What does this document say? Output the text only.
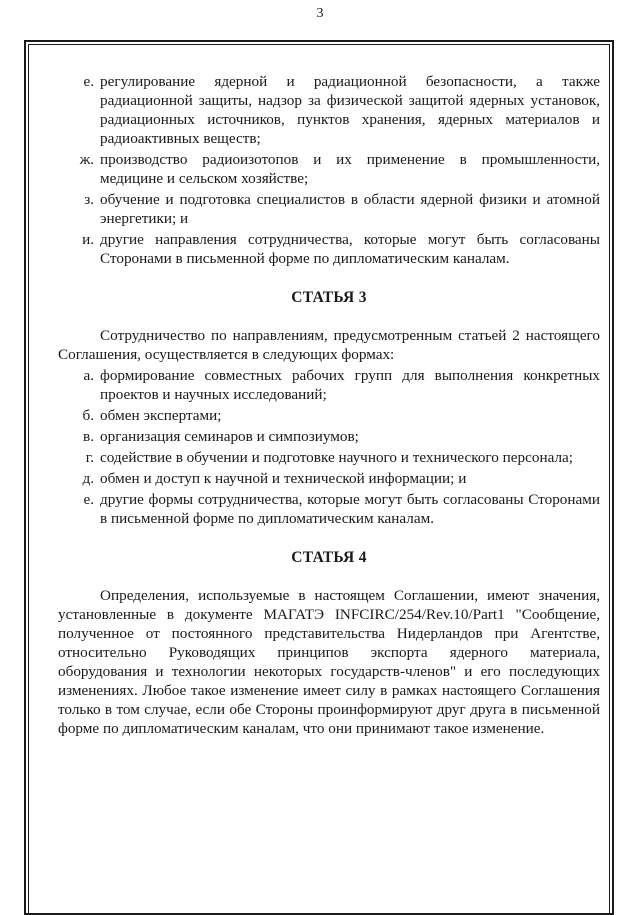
3
е. регулирование ядерной и радиационной безопасности, а также радиационной защиты, надзор за физической защитой ядерных установок, радиационных источников, пунктов хранения, ядерных материалов и радиоактивных веществ;
ж. производство радиоизотопов и их применение в промышленности, медицине и сельском хозяйстве;
з. обучение и подготовка специалистов в области ядерной физики и атомной энергетики; и
и. другие направления сотрудничества, которые могут быть согласованы Сторонами в письменной форме по дипломатическим каналам.
СТАТЬЯ 3

Сотрудничество по направлениям, предусмотренным статьей 2 настоящего Соглашения, осуществляется в следующих формах:

а. формирование совместных рабочих групп для выполнения конкретных проектов и научных исследований;
б. обмен экспертами;
в. организация семинаров и симпозиумов;
г. содействие в обучении и подготовке научного и технического персонала;
д. обмен и доступ к научной и технической информации; и
е. другие формы сотрудничества, которые могут быть согласованы Сторонами в письменной форме по дипломатическим каналам.
СТАТЬЯ 4

Определения, используемые в настоящем Соглашении, имеют значения, установленные в документе МАГАТЭ INFCIRC/254/Rev.10/Part1 "Сообщение, полученное от постоянного представительства Нидерландов при Агентстве, относительно Руководящих принципов экспорта ядерного материала, оборудования и технологии некоторых государств-членов" и его последующих изменениях. Любое такое изменение имеет силу в рамках настоящего Соглашения только в том случае, если обе Стороны проинформируют друг друга в письменной форме по дипломатическим каналам, что они принимают такое изменение.
